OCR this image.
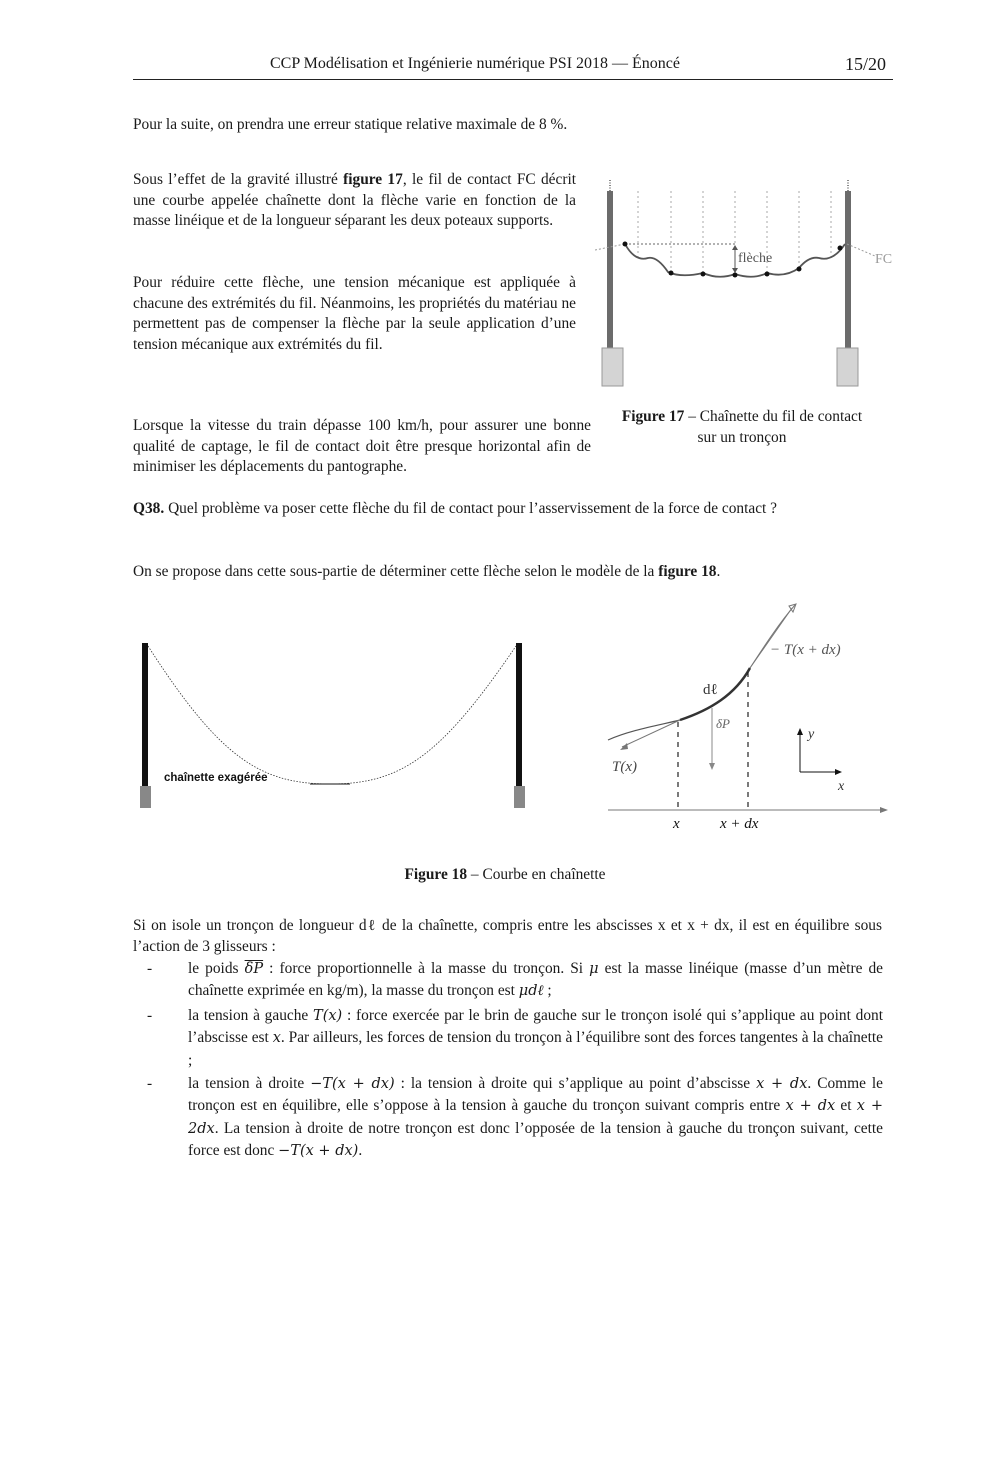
CCP Modélisation et Ingénierie numérique PSI 2018 — Énoncé	15/20
Pour la suite, on prendra une erreur statique relative maximale de 8 %.
Sous l’effet de la gravité illustré figure 17, le fil de contact FC décrit une courbe appelée chaînette dont la flèche varie en fonction de la masse linéique et de la longueur séparant les deux poteaux supports.
Pour réduire cette flèche, une tension mécanique est appliquée à chacune des extrémités du fil. Néanmoins, les propriétés du matériau ne permettent pas de compenser la flèche par la seule application d’une tension mécanique aux extrémités du fil.
Lorsque la vitesse du train dépasse 100 km/h, pour assurer une bonne qualité de captage, le fil de contact doit être presque horizontal afin de minimiser les déplacements du pantographe.
flèche	FC
Figure 17 – Chaînette du fil de contact sur un tronçon
Q38. Quel problème va poser cette flèche du fil de contact pour l’asservissement de la force de contact ?
On se propose dans cette sous-partie de déterminer cette flèche selon le modèle de la figure 18.
chaînette exagérée
− T(x + dx)
dℓ
δP
T(x)
y
x
x	x + dx
Figure 18 – Courbe en chaînette
Si on isole un tronçon de longueur dℓ de la chaînette, compris entre les abscisses x et x + dx, il est en équilibre sous l’action de 3 glisseurs :
-	le poids $\overline{\delta P}$ : force proportionnelle à la masse du tronçon. Si μ est la masse linéique (masse d’un mètre de chaînette exprimée en kg/m), la masse du tronçon est μdℓ ;
-	la tension à gauche T(x) : force exercée par le brin de gauche sur le tronçon isolé qui s’applique au point dont l’abscisse est x. Par ailleurs, les forces de tension du tronçon à l’équilibre sont des forces tangentes à la chaînette ;
-	la tension à droite −T(x + dx) : la tension à droite qui s’applique au point d’abscisse x + dx. Comme le tronçon est en équilibre, elle s’oppose à la tension à gauche du tronçon suivant compris entre x + dx et x + 2dx. La tension à droite de notre tronçon est donc l’opposée de la tension à gauche du tronçon suivant, cette force est donc −T(x + dx).
